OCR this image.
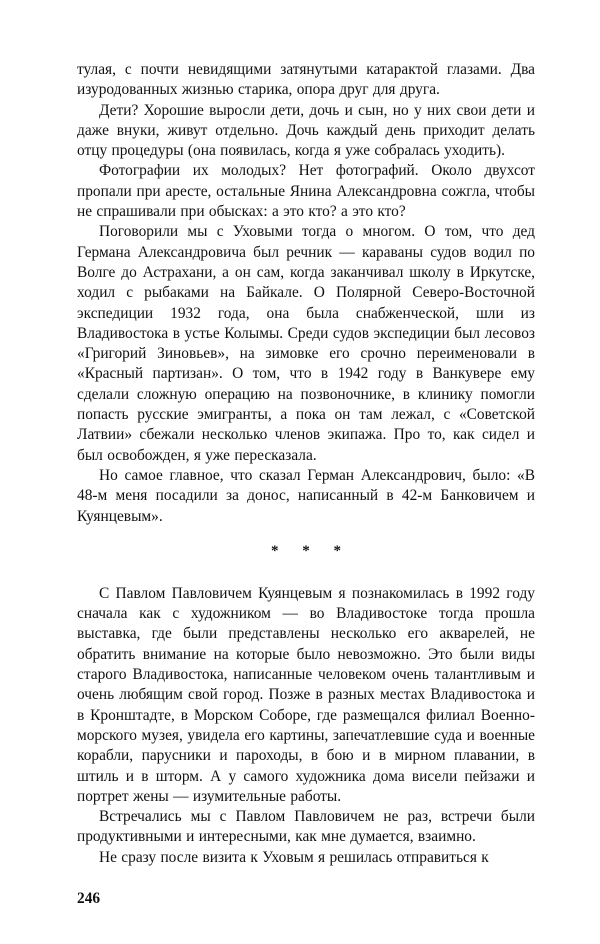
тулая, с почти невидящими затянутыми катарактой глазами. Два изуродованных жизнью старика, опора друг для друга.

Дети? Хорошие выросли дети, дочь и сын, но у них свои дети и даже внуки, живут отдельно. Дочь каждый день приходит делать отцу процедуры (она появилась, когда я уже собралась уходить).

Фотографии их молодых? Нет фотографий. Около двухсот пропали при аресте, остальные Янина Александровна сожгла, чтобы не спрашивали при обысках: а это кто? а это кто?

Поговорили мы с Уховыми тогда о многом. О том, что дед Германа Александровича был речник — караваны судов водил по Волге до Астрахани, а он сам, когда заканчивал школу в Иркутске, ходил с рыбаками на Байкале. О Полярной Северо-Восточной экспедиции 1932 года, она была снабженческой, шли из Владивостока в устье Колымы. Среди судов экспедиции был лесовоз «Григорий Зиновьев», на зимовке его срочно переименовали в «Красный партизан». О том, что в 1942 году в Ванкувере ему сделали сложную операцию на позвоночнике, в клинику помогли попасть русские эмигранты, а пока он там лежал, с «Советской Латвии» сбежали несколько членов экипажа. Про то, как сидел и был освобожден, я уже пересказала.

Но самое главное, что сказал Герман Александрович, было: «В 48-м меня посадили за донос, написанный в 42-м Банковичем и Куянцевым».

* * *

С Павлом Павловичем Куянцевым я познакомилась в 1992 году сначала как с художником — во Владивостоке тогда прошла выставка, где были представлены несколько его акварелей, не обратить внимание на которые было невозможно. Это были виды старого Владивостока, написанные человеком очень талантливым и очень любящим свой город. Позже в разных местах Владивостока и в Кронштадте, в Морском Соборе, где размещался филиал Военно-морского музея, увидела его картины, запечатлевшие суда и военные корабли, парусники и пароходы, в бою и в мирном плавании, в штиль и в шторм. А у самого художника дома висели пейзажи и портрет жены — изумительные работы.

Встречались мы с Павлом Павловичем не раз, встречи были продуктивными и интересными, как мне думается, взаимно.

Не сразу после визита к Уховым я решилась отправиться к

246
